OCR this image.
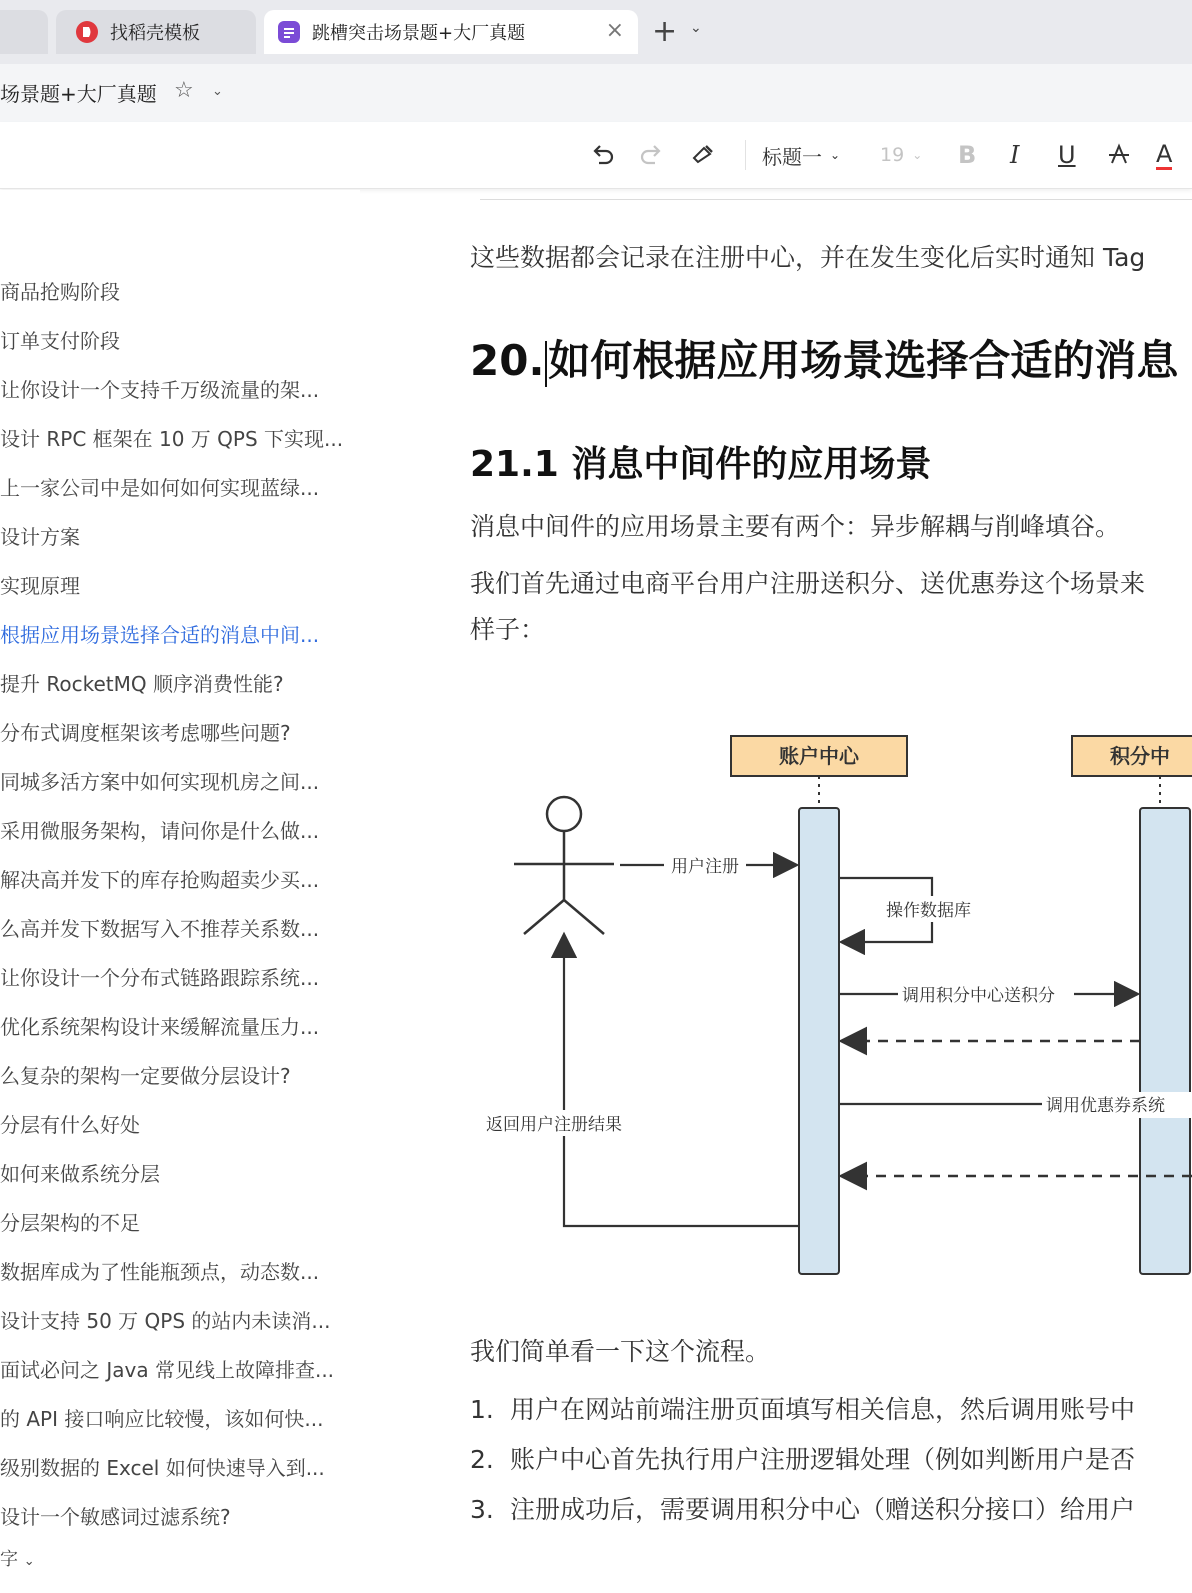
找稻壳模板	跳槽突击场景题+大厂真题	× + ⌄
场景题+大厂真题 ☆ ⌄
标题一 ⌄ 19 ⌄ B I U	A
商品抢购阶段
订单支付阶段
让你设计一个支持千万级流量的架...
设计 RPC 框架在 10 万 QPS 下实现...
上一家公司中是如何如何实现蓝绿...
设计方案
实现原理
根据应用场景选择合适的消息中间...
提升 RocketMQ 顺序消费性能?
分布式调度框架该考虑哪些问题?
同城多活方案中如何实现机房之间...
采用微服务架构，请问你是什么做...
解决高并发下的库存抢购超卖少买...
么高并发下数据写入不推荐关系数...
让你设计一个分布式链路跟踪系统...
优化系统架构设计来缓解流量压力...
么复杂的架构一定要做分层设计?
分层有什么好处
如何来做系统分层
分层架构的不足
数据库成为了性能瓶颈点，动态数...
设计支持 50 万 QPS 的站内未读消...
面试必问之 Java 常见线上故障排查...
的 API 接口响应比较慢，该如何快...
级别数据的 Excel 如何快速导入到...
设计一个敏感词过滤系统?
字 ⌄
这些数据都会记录在注册中心，并在发生变化后实时通知 Tag
20.如何根据应用场景选择合适的消息
21.1 消息中间件的应用场景
消息中间件的应用场景主要有两个：异步解耦与削峰填谷。
我们首先通过电商平台用户注册送积分、送优惠券这个场景来
样子：
账户中心	积分中
用户注册
操作数据库
调用积分中心送积分
调用优惠券系统
返回用户注册结果
我们简单看一下这个流程。
1. 用户在网站前端注册页面填写相关信息，然后调用账号中
2. 账户中心首先执行用户注册逻辑处理（例如判断用户是否
3. 注册成功后，需要调用积分中心（赠送积分接口）给用户
